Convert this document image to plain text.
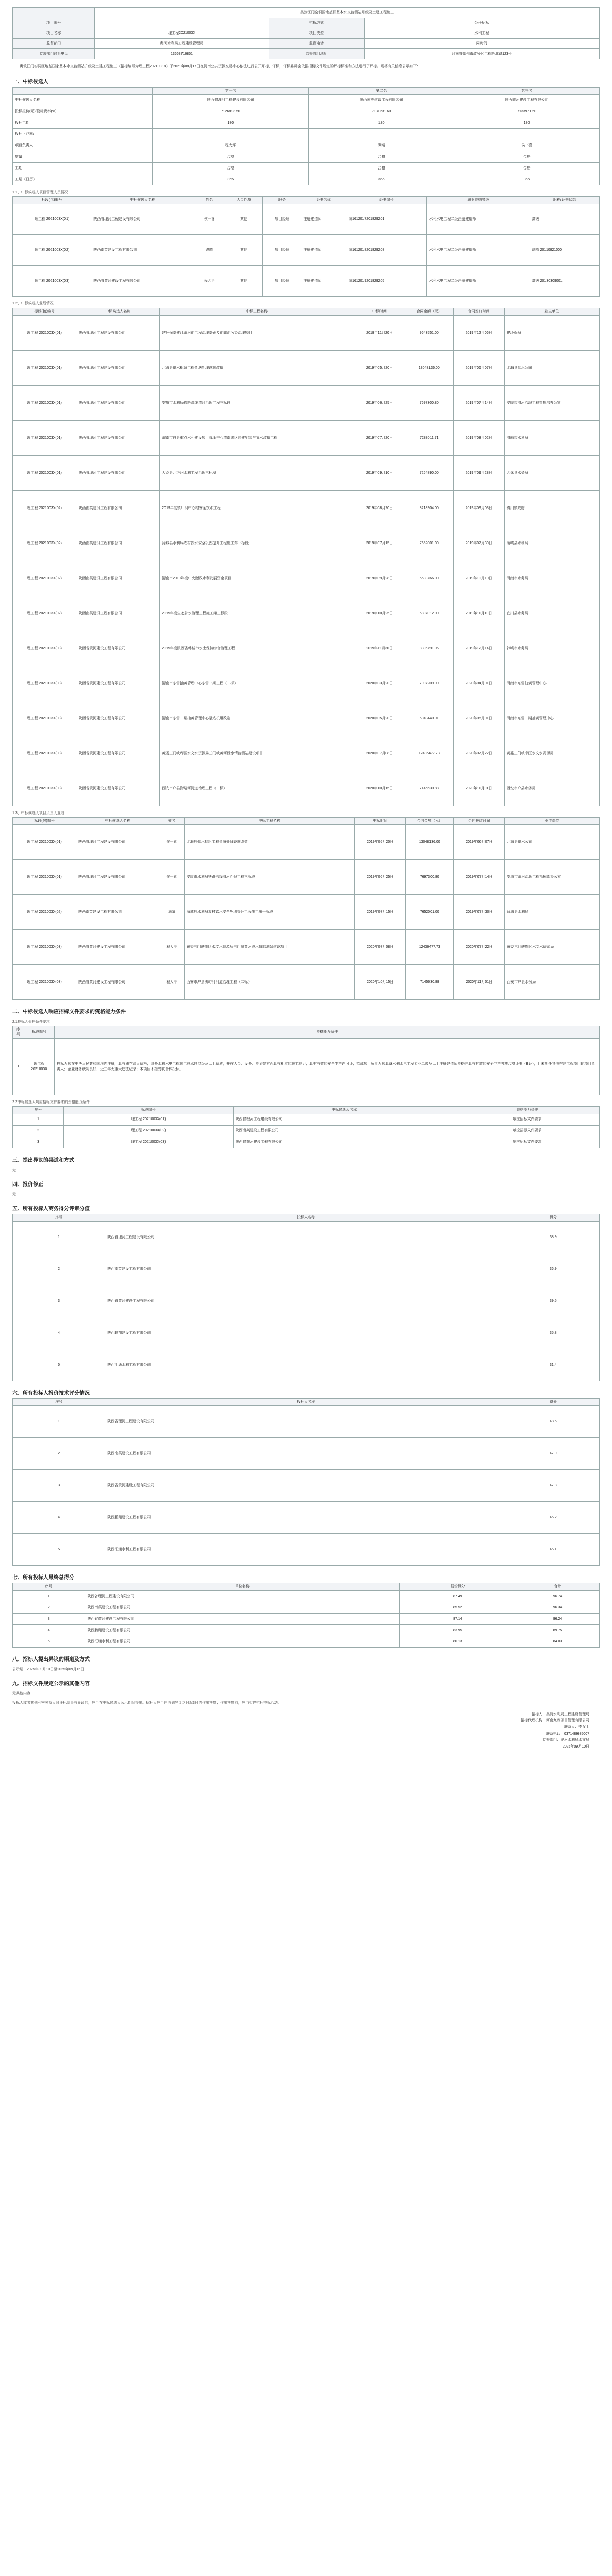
	奥敦江门窑洞区地基旧基本水文监测站升级及土建工程施工		
项目编号		招标方式	公开招标
项目名称	理工程2021003X	项目类型	水利工程
监督部门	奥河水利局工程建设管理局	监督电话	同时间
监督部门联系电话	13663716851	监督部门地址	河南省郑州市政务区工程路北路123号

奥敦江门窑洞区地基国家基本水文监测站升级及土建工程施工（招标编号为理工程2021003X）于2021年08月17日在河南公共资源交易中心依法进行公开开标、评标，评标委员会依据招标文件规定的评标标准和方法进行了评标。现将有关信息公示如下：

一、中标候选人
	第一名	第二名	第三名
中标候选人名称	陕西省理河工程建设有限公司	陕西南英建设工程有限公司	陕西黄河建设工程有限公司
投标报价(元)/投标费率(%)	7126893.50	7131231.60	7133971.50
投标工期	180	180	180
投标下浮率/			
项目负责人	程大平	满晴	侯一喜
质量	合格	合格	合格
工期	合格	合格	合格
工期（日历）	365	365	365
1.1、中标候选人项目管理人员情况
标段(包)编号	中标候选人名称	姓名	人员性质	职务	证书名称	证书编号	职业资格等级	职称/证书状态
理工程 2021003X(01)	陕西省理河工程建设有限公司	侯一喜	其他	项目经理	注册建造师	陕1612017201829201	水利水电工程二级注册建造师	高级
理工程 2021003X(02)	陕西南英建设工程有限公司	满晴	其他	项目经理	注册建造师	陕1612018201829208	水利水电工程二级注册建造师	副高 20110821000
理工程 2021003X(03)	陕西省黄河建设工程有限公司	程大平	其他	项目经理	注册建造师	陕1612019201829205	水利水电工程二级注册建造师	高级 20130309001
1.2、中标候选人业绩情况
标段(包)编号	中标候选人名称	中标工程名称	中标时间	合同金额（元）	合同签订时间	业主单位
理工程 2021003X(01)	陕西省理河工程建设有限公司	建环保基建江渭河化工程治理基础及化粪池污染治理项目	2019年11月20日	9643551.00	2019年12月06日	建环保局
理工程 2021003X(01)	陕西省理河工程建设有限公司	北海县供水枢纽工程鱼塘处理设施改造	2019年05月20日	13048136.00	2019年06月07日	北海县供水公司
理工程 2021003X(01)	陕西省理河工程建设有限公司	安康市水利局铁路沿线渭河治理工程三标段	2019年06月25日	7697300.80	2019年07月14日	安康市渭河治理工程指挥部办公室
理工程 2021003X(01)	陕西省理河工程建设有限公司	渭南市白县重点水利建设项目管理中心渭南灌区续建配套与节水改造工程	2019年07月20日	7288011.71	2019年08月02日	渭南市水利局
理工程 2021003X(01)	陕西省理河工程建设有限公司	大荔县北洛河水利工程治理三标段	2019年09月10日	7264890.00	2019年09月28日	大荔县水务局
理工程 2021003X(02)	陕西南英建设工程有限公司	2019年度镇川河中心村安全饮水工程	2019年08月20日	8218904.00	2019年09月03日	镇川镇政府
理工程 2021003X(02)	陕西南英建设工程有限公司	蒲城县水利局农村饮水安全巩固提升工程施工第一标段	2019年07月15日	7652001.00	2019年07月30日	蒲城县水利局
理工程 2021003X(02)	陕西南英建设工程有限公司	渭南市2019年度中央财政水利发展资金项目	2019年09月28日	6598766.00	2019年10月10日	渭南市水务局
理工程 2021003X(02)	陕西南英建设工程有限公司	2019年度生态补水治理工程施工第三标段	2019年10月25日	6897012.00	2019年11月10日	宜川县水务局
理工程 2021003X(03)	陕西省黄河建设工程有限公司	2019年度陕西省韩城市水土保持综合治理工程	2019年11月30日	8395791.96	2019年12月14日	韩城市水务局
理工程 2021003X(03)	陕西省黄河建设工程有限公司	渭南市东雷抽黄管理中心东雷一期工程（二标）	2020年03月20日	7997209.90	2020年04月01日	渭南市东雷抽黄管理中心
理工程 2021003X(03)	陕西省黄河建设工程有限公司	渭南市东雷二期抽黄管理中心泵站机组改造	2020年05月20日	6940440.91	2020年06月01日	渭南市东雷二期抽黄管理中心
理工程 2021003X(03)	陕西省黄河建设工程有限公司	黄委三门峡库区水文水资源局三门峡黄河段水情监测站建设项目	2020年07月08日	12436477.73	2020年07月22日	黄委三门峡库区水文水资源局
理工程 2021003X(03)	陕西省黄河建设工程有限公司	西安市户县涝峪河河道治理工程（二标）	2020年10月15日	7145630.88	2020年11月01日	西安市户县水务局
1.3、中标候选人项目负责人业绩
标段(包)编号	中标候选人名称	姓名	中标工程名称	中标时间	合同金额（元）	合同签订时间	业主单位
理工程 2021003X(01)	陕西省理河工程建设有限公司	侯一喜	北海县供水枢纽工程鱼塘处理设施改造	2019年05月20日	13048136.00	2019年06月07日	北海县供水公司
理工程 2021003X(01)	陕西省理河工程建设有限公司	侯一喜	安康市水利局铁路沿线渭河治理工程三标段	2019年06月25日	7697300.80	2019年07月14日	安康市渭河治理工程指挥部办公室
理工程 2021003X(02)	陕西南英建设工程有限公司	满晴	蒲城县水利局农村饮水安全巩固提升工程施工第一标段	2019年07月15日	7652001.00	2019年07月30日	蒲城县水利局
理工程 2021003X(03)	陕西省黄河建设工程有限公司	程大平	黄委三门峡库区水文水资源局三门峡黄河段水情监测站建设项目	2020年07月08日	12436477.73	2020年07月22日	黄委三门峡库区水文水资源局
理工程 2021003X(03)	陕西省黄河建设工程有限公司	程大平	西安市户县涝峪河河道治理工程（二标）	2020年10月15日	7145630.88	2020年11月01日	西安市户县水务局
二、中标候选人响应招标文件要求的资格能力条件
2.1投标人资格条件要求
序号	标段编号	资格能力条件
1	理工程 2021003X	投标人须在中华人民共和国境内注册，具有独立法人资格；具备水利水电工程施工总承包叁级及以上资质，并在人员、设备、资金等方面具有相应的施工能力；具有有效的安全生产许可证；拟派项目负责人须具备水利水电工程专业二级及以上注册建造师资格并具有有效的安全生产考核合格证书（B证），且未担任其他在建工程项目的项目负责人；企业财务状况良好，近三年无重大违法记录；本项目不接受联合体投标。
2.2中标候选人响应招标文件要求的资格能力条件
序号	标段编号	中标候选人名称	资格能力条件
1	理工程 2021003X(01)	陕西省理河工程建设有限公司	响应招标文件要求
2	理工程 2021003X(02)	陕西南英建设工程有限公司	响应招标文件要求
3	理工程 2021003X(03)	陕西省黄河建设工程有限公司	响应招标文件要求
三、提出异议的渠道和方式
无
四、报价修正
无
五、所有投标人商务得分评审分值
序号	投标人名称	得分
1	陕西省理河工程建设有限公司	38.9
2	陕西南英建设工程有限公司	36.9
3	陕西省黄河建设工程有限公司	39.5
4	陕西鹏翔建设工程有限公司	35.8
5	陕西汇通水利工程有限公司	31.4
六、所有投标人报价技术评分情况
序号	投标人名称	得分
1	陕西省理河工程建设有限公司	48.5
2	陕西南英建设工程有限公司	47.9
3	陕西省黄河建设工程有限公司	47.8
4	陕西鹏翔建设工程有限公司	46.2
5	陕西汇通水利工程有限公司	45.1
七、所有投标人最终总得分
序号	单位名称	报价得分	合计
1	陕西省理河工程建设有限公司	87.49	96.74
2	陕西南英建设工程有限公司	85.52	96.34
3	陕西省黄河建设工程有限公司	87.14	96.24
4	陕西鹏翔建设工程有限公司	83.95	89.75
5	陕西汇通水利工程有限公司	80.13	84.03
八、招标人提出异议的渠道及方式
公示期：2025年09月10日至2025年09月15日
九、招标文件规定公示的其他内容
无其他内容
投标人或者其他利害关系人对评标结果有异议的，应当在中标候选人公示期间提出。招标人应当自收到异议之日起3日内作出答复；作出答复前，应当暂停招标投标活动。
招标人：奥河水利局工程建设管理局
招标代理机构：河南九鼎项目管理有限公司
联系人：李女士
联系电话：0371-88685007
监督部门：奥河水利局水文局
2025年09月10日
